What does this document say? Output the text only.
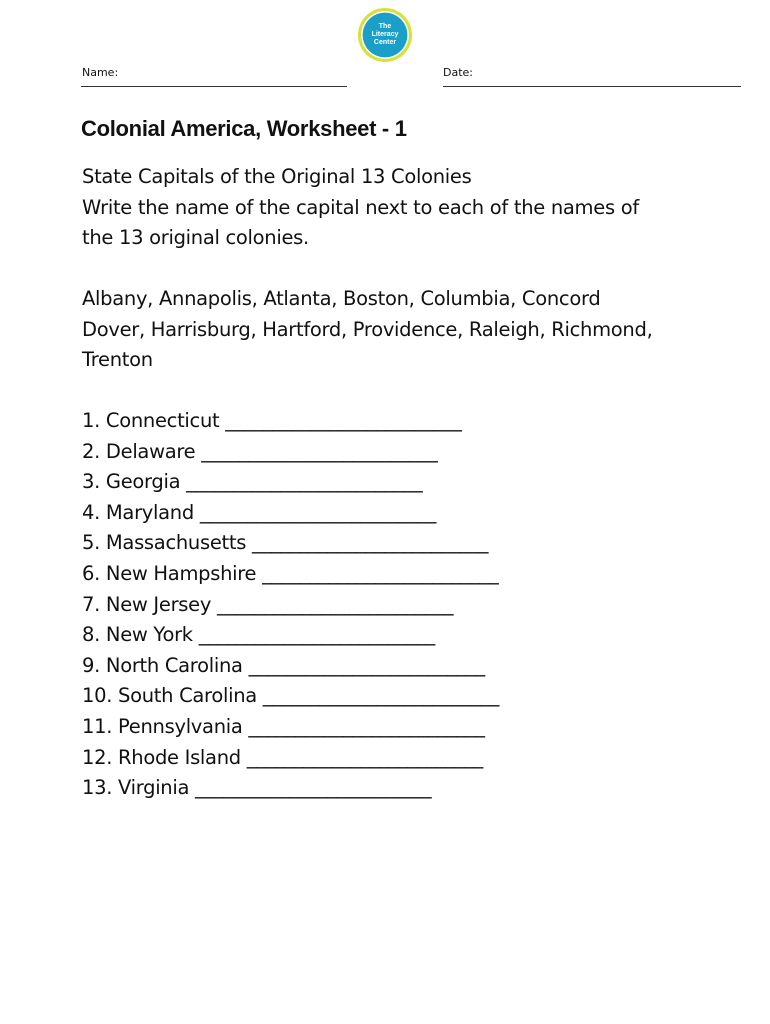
The Literacy Center
Name:	Date:
Colonial America, Worksheet - 1
State Capitals of the Original 13 Colonies
Write the name of the capital next to each of the names of
the 13 original colonies.
Albany, Annapolis, Atlanta, Boston, Columbia, Concord
Dover, Harrisburg, Hartford, Providence, Raleigh, Richmond,
Trenton
1. Connecticut _________________________
2. Delaware _________________________
3. Georgia _________________________
4. Maryland _________________________
5. Massachusetts _________________________
6. New Hampshire _________________________
7. New Jersey _________________________
8. New York _________________________
9. North Carolina _________________________
10. South Carolina _________________________
11. Pennsylvania _________________________
12. Rhode Island _________________________
13. Virginia _________________________
